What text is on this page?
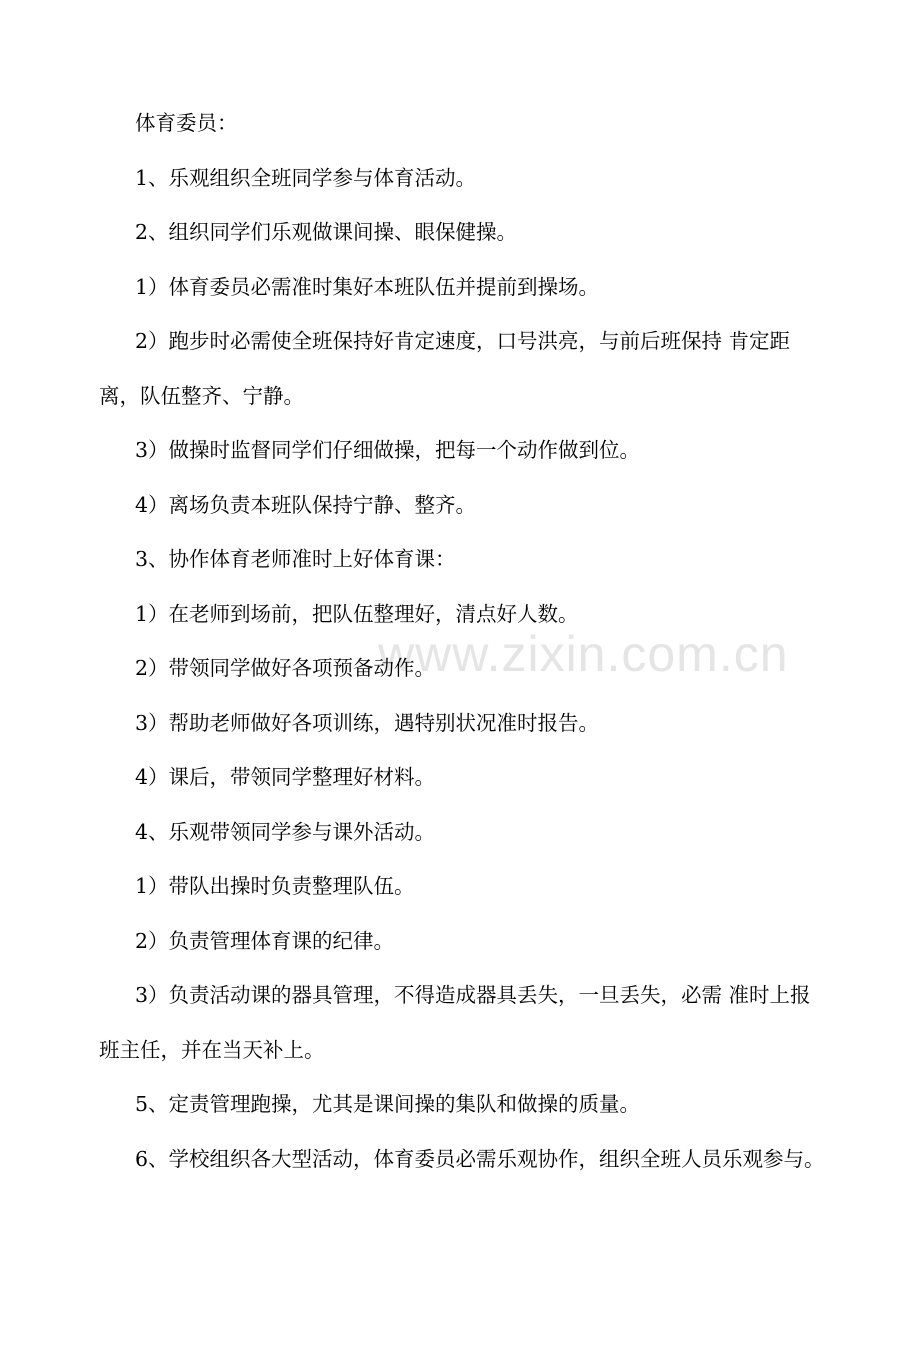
www.zixin.com.cn

体育委员：

1、乐观组织全班同学参与体育活动。

2、组织同学们乐观做课间操、眼保健操。

1）体育委员必需准时集好本班队伍并提前到操场。

2）跑步时必需使全班保持好肯定速度，口号洪亮，与前后班保持 肯定距离，队伍整齐、宁静。

3）做操时监督同学们仔细做操，把每一个动作做到位。

4）离场负责本班队保持宁静、整齐。

3、协作体育老师准时上好体育课：

1）在老师到场前，把队伍整理好，清点好人数。

2）带领同学做好各项预备动作。

3）帮助老师做好各项训练，遇特别状况准时报告。

4）课后，带领同学整理好材料。

4、乐观带领同学参与课外活动。

1）带队出操时负责整理队伍。

2）负责管理体育课的纪律。

3）负责活动课的器具管理，不得造成器具丢失，一旦丢失，必需 准时上报班主任，并在当天补上。

5、定责管理跑操，尤其是课间操的集队和做操的质量。

6、学校组织各大型活动，体育委员必需乐观协作，组织全班人员乐观参与。
